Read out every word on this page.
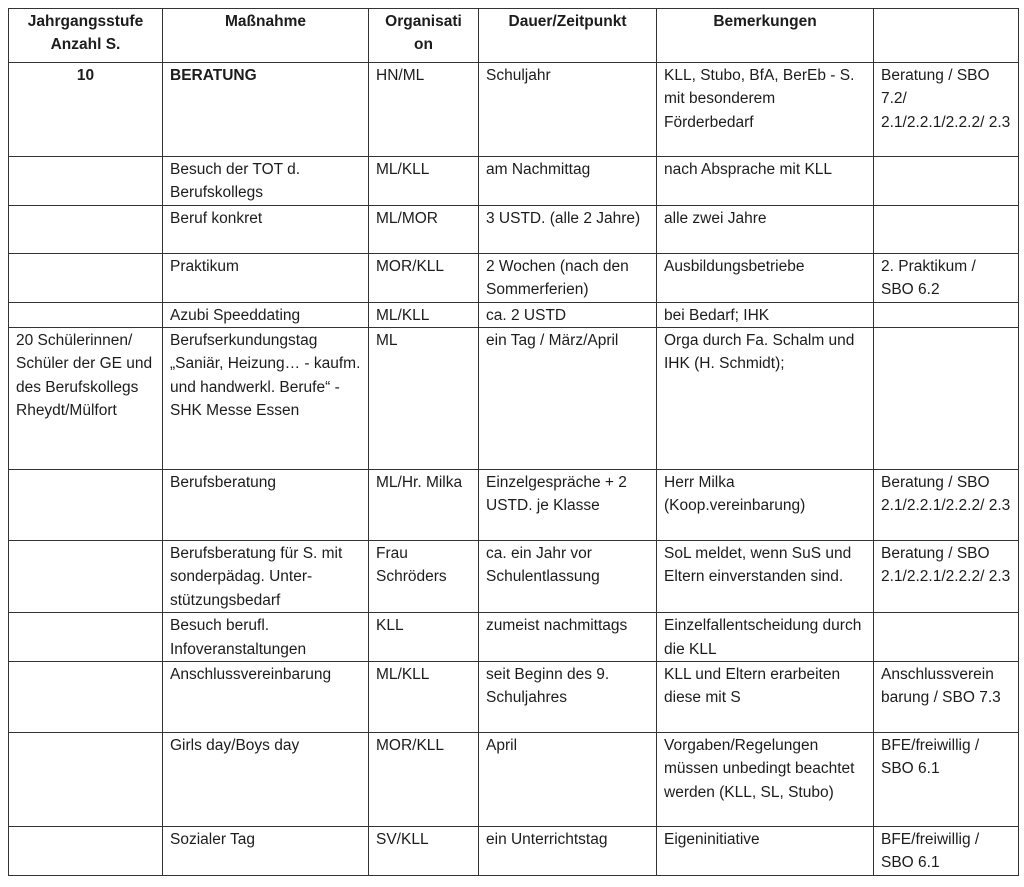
Jahrgangsstufe Anzahl S.	Maßnahme	Organisati on	Dauer/Zeitpunkt	Bemerkungen	
10	BERATUNG	HN/ML	Schuljahr	KLL, Stubo, BfA, BerEb - S. mit besonderem Förderbedarf	Beratung / SBO 7.2/ 2.1/2.2.1/2.2.2/ 2.3
	Besuch der TOT d. Berufskollegs	ML/KLL	am Nachmittag	nach Absprache mit KLL	
	Beruf konkret	ML/MOR	3 USTD. (alle 2 Jahre)	alle zwei Jahre	
	Praktikum	MOR/KLL	2 Wochen (nach den Sommerferien)	Ausbildungsbetriebe	2. Praktikum / SBO 6.2
	Azubi Speeddating	ML/KLL	ca. 2 USTD	bei Bedarf; IHK	
20 Schülerinnen/ Schüler der GE und des Berufskollegs Rheydt/Mülfort	Berufserkundungstag „Saniär, Heizung… - kaufm. und handwerkl. Berufe“ - SHK Messe Essen	ML	ein Tag / März/April	Orga durch Fa. Schalm und IHK (H. Schmidt);	
	Berufsberatung	ML/Hr. Milka	Einzelgespräche + 2 USTD. je Klasse	Herr Milka (Koop.vereinbarung)	Beratung / SBO 2.1/2.2.1/2.2.2/ 2.3
	Berufsberatung für S. mit sonderpädag. Unter-stützungsbedarf	Frau Schröders	ca. ein Jahr vor Schulentlassung	SoL meldet, wenn SuS und Eltern einverstanden sind.	Beratung / SBO 2.1/2.2.1/2.2.2/ 2.3
	Besuch berufl. Infoveranstaltungen	KLL	zumeist nachmittags	Einzelfallentscheidung durch die KLL	
	Anschlussvereinbarung	ML/KLL	seit Beginn des 9. Schuljahres	KLL und Eltern erarbeiten diese mit S	Anschlussverein barung / SBO 7.3
	Girls day/Boys day	MOR/KLL	April	Vorgaben/Regelungen müssen unbedingt beachtet werden (KLL, SL, Stubo)	BFE/freiwillig / SBO 6.1
	Sozialer Tag	SV/KLL	ein Unterrichtstag	Eigeninitiative	BFE/freiwillig / SBO 6.1
